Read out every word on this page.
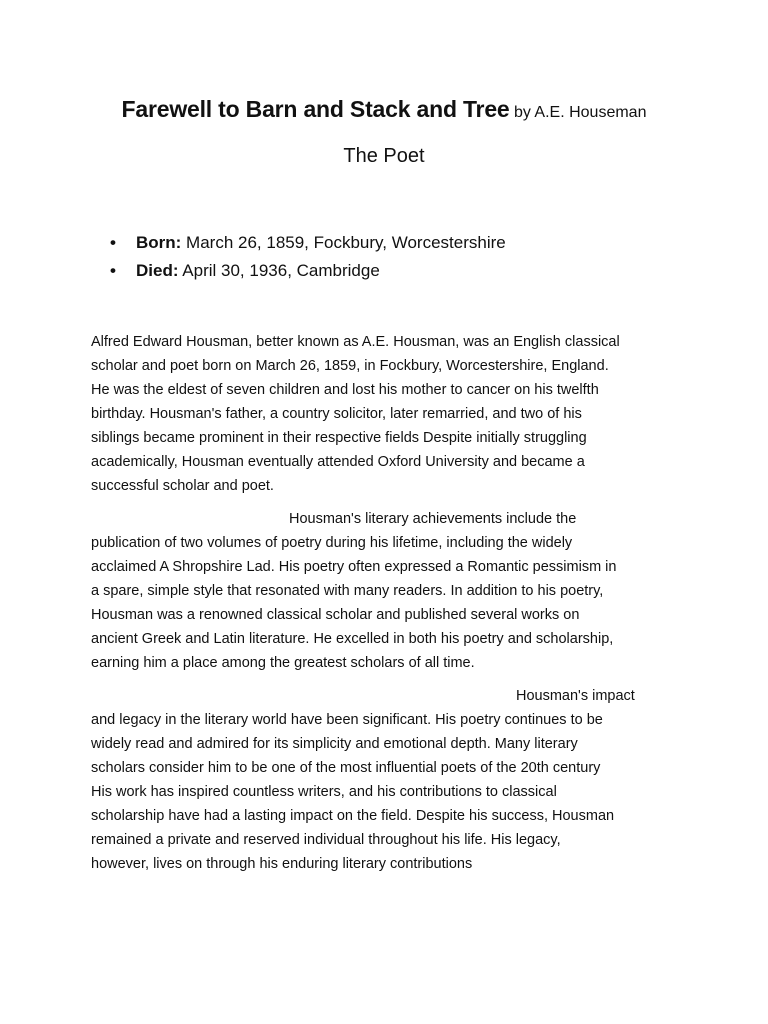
Farewell to Barn and Stack and Tree by A.E. Houseman
The Poet
• Born: March 26, 1859, Fockbury, Worcestershire
• Died: April 30, 1936, Cambridge
Alfred Edward Housman, better known as A.E. Housman, was an English classical
scholar and poet born on March 26, 1859, in Fockbury, Worcestershire, England.
He was the eldest of seven children and lost his mother to cancer on his twelfth
birthday. Housman's father, a country solicitor, later remarried, and two of his
siblings became prominent in their respective fields Despite initially struggling
academically, Housman eventually attended Oxford University and became a
successful scholar and poet.
Housman's literary achievements include the
publication of two volumes of poetry during his lifetime, including the widely
acclaimed A Shropshire Lad. His poetry often expressed a Romantic pessimism in
a spare, simple style that resonated with many readers. In addition to his poetry,
Housman was a renowned classical scholar and published several works on
ancient Greek and Latin literature. He excelled in both his poetry and scholarship,
earning him a place among the greatest scholars of all time.
Housman's impact
and legacy in the literary world have been significant. His poetry continues to be
widely read and admired for its simplicity and emotional depth. Many literary
scholars consider him to be one of the most influential poets of the 20th century
His work has inspired countless writers, and his contributions to classical
scholarship have had a lasting impact on the field. Despite his success, Housman
remained a private and reserved individual throughout his life. His legacy,
however, lives on through his enduring literary contributions
